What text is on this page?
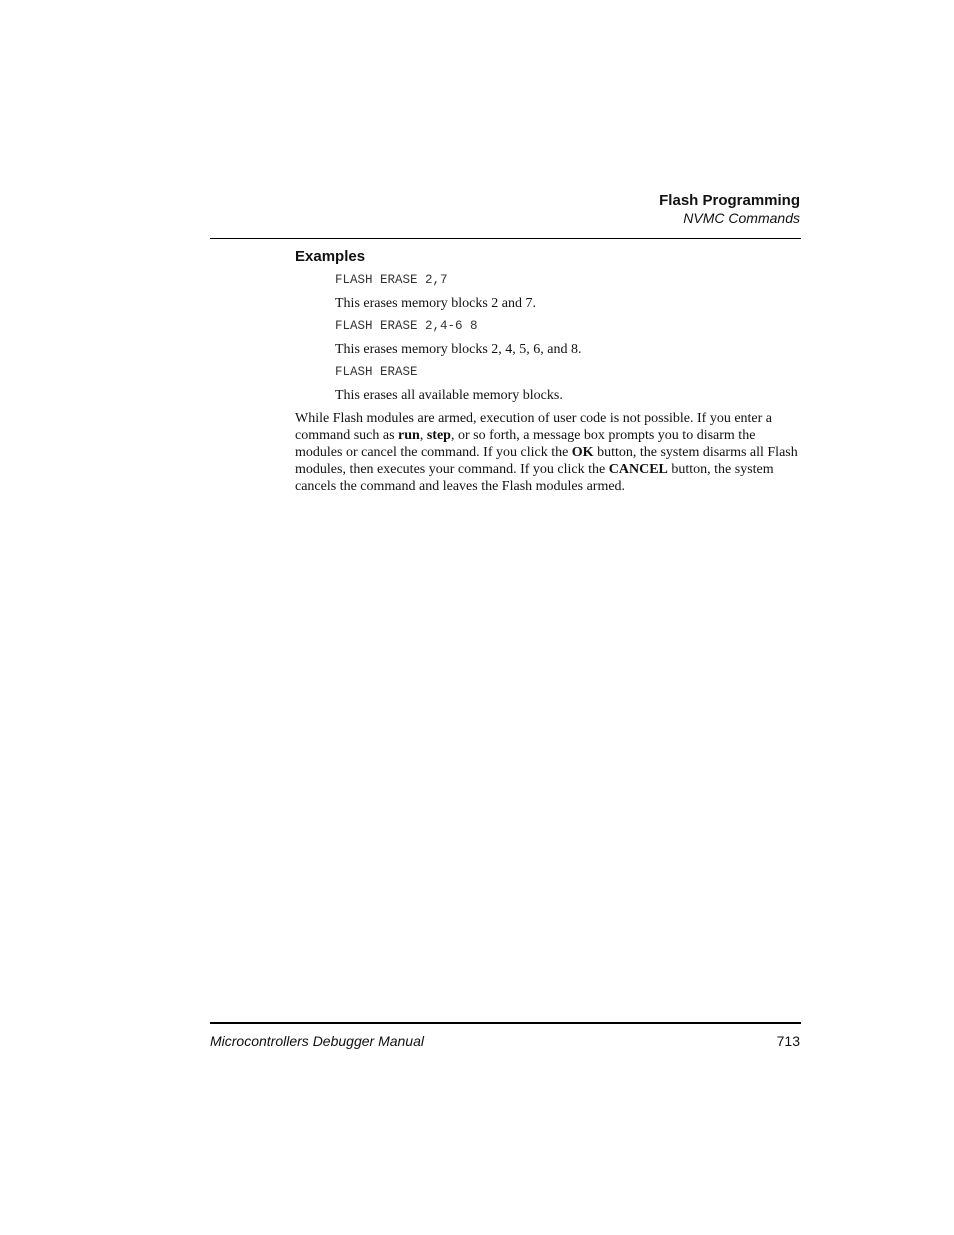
Flash Programming

NVMC Commands

Examples

FLASH ERASE 2,7

This erases memory blocks 2 and 7.

FLASH ERASE 2,4-6 8

This erases memory blocks 2, 4, 5, 6, and 8.

FLASH ERASE

This erases all available memory blocks.

While Flash modules are armed, execution of user code is not possible. If you enter a command such as run, step, or so forth, a message box prompts you to disarm the modules or cancel the command. If you click the OK button, the system disarms all Flash modules, then executes your command. If you click the CANCEL button, the system cancels the command and leaves the Flash modules armed.

Microcontrollers Debugger Manual	713
